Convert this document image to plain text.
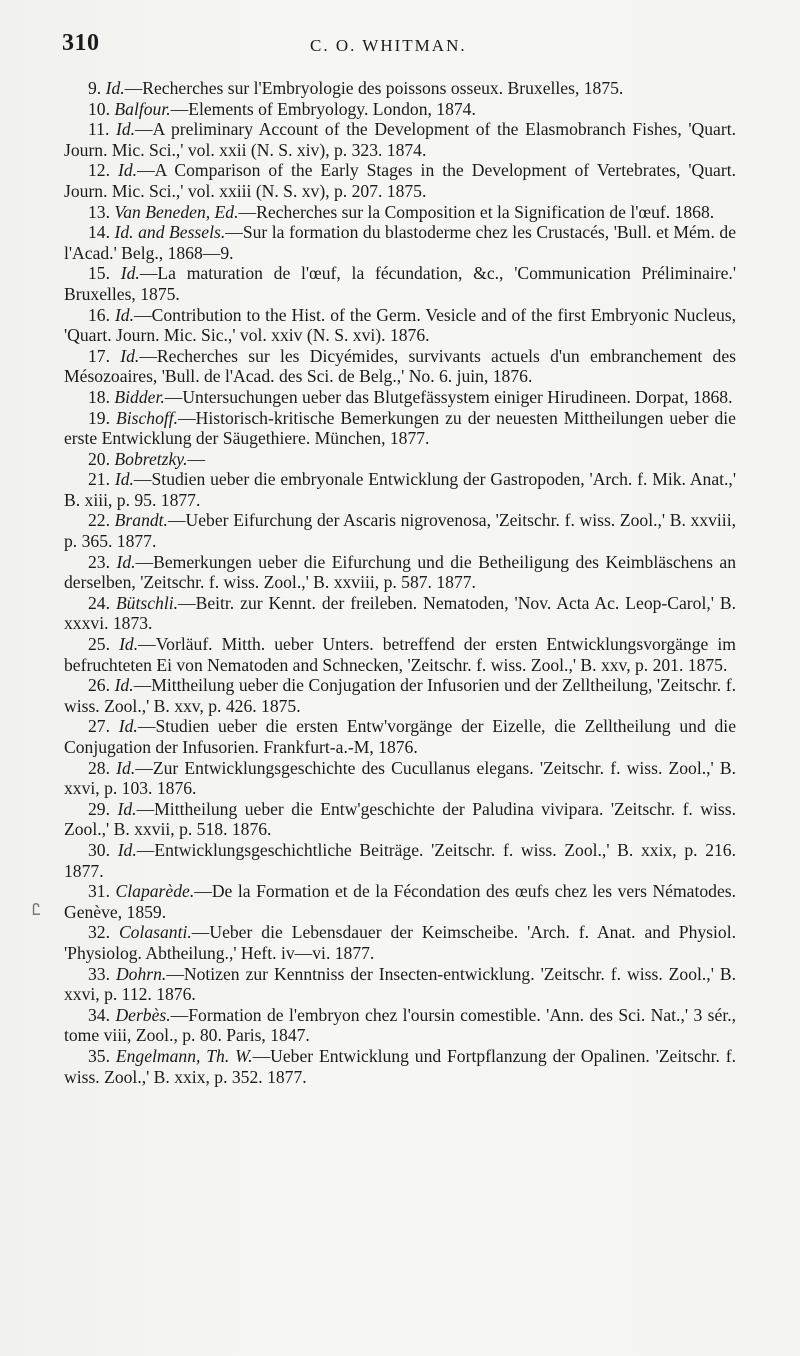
310	C. O. WHITMAN.
Ꮭ

9. Id.—Recherches sur l'Embryologie des poissons osseux. Bruxelles, 1875.

10. Balfour.—Elements of Embryology. London, 1874.

11. Id.—A preliminary Account of the Development of the Elasmobranch Fishes, 'Quart. Journ. Mic. Sci.,' vol. xxii (N. S. xiv), p. 323. 1874.

12. Id.—A Comparison of the Early Stages in the Development of Vertebrates, 'Quart. Journ. Mic. Sci.,' vol. xxiii (N. S. xv), p. 207. 1875.

13. Van Beneden, Ed.—Recherches sur la Composition et la Signification de l'œuf. 1868.

14. Id. and Bessels.—Sur la formation du blastoderme chez les Crustacés, 'Bull. et Mém. de l'Acad.' Belg., 1868—9.

15. Id.—La maturation de l'œuf, la fécundation, &c., 'Communication Préliminaire.' Bruxelles, 1875.

16. Id.—Contribution to the Hist. of the Germ. Vesicle and of the first Embryonic Nucleus, 'Quart. Journ. Mic. Sic.,' vol. xxiv (N. S. xvi). 1876.

17. Id.—Recherches sur les Dicyémides, survivants actuels d'un embranchement des Mésozoaires, 'Bull. de l'Acad. des Sci. de Belg.,' No. 6. juin, 1876.

18. Bidder.—Untersuchungen ueber das Blutgefässystem einiger Hirudineen. Dorpat, 1868.

19. Bischoff.—Historisch-kritische Bemerkungen zu der neuesten Mittheilungen ueber die erste Entwicklung der Säugethiere. München, 1877.

20. Bobretzky.—

21. Id.—Studien ueber die embryonale Entwicklung der Gastropoden, 'Arch. f. Mik. Anat.,' B. xiii, p. 95. 1877.

22. Brandt.—Ueber Eifurchung der Ascaris nigrovenosa, 'Zeitschr. f. wiss. Zool.,' B. xxviii, p. 365. 1877.

23. Id.—Bemerkungen ueber die Eifurchung und die Betheiligung des Keimbläschens an derselben, 'Zeitschr. f. wiss. Zool.,' B. xxviii, p. 587. 1877.

24. Bütschli.—Beitr. zur Kennt. der freileben. Nematoden, 'Nov. Acta Ac. Leop-Carol,' B. xxxvi. 1873.

25. Id.—Vorläuf. Mitth. ueber Unters. betreffend der ersten Entwicklungsvorgänge im befruchteten Ei von Nematoden and Schnecken, 'Zeitschr. f. wiss. Zool.,' B. xxv, p. 201. 1875.

26. Id.—Mittheilung ueber die Conjugation der Infusorien und der Zelltheilung, 'Zeitschr. f. wiss. Zool.,' B. xxv, p. 426. 1875.

27. Id.—Studien ueber die ersten Entw'vorgänge der Eizelle, die Zelltheilung und die Conjugation der Infusorien. Frankfurt-a.-M, 1876.

28. Id.—Zur Entwicklungsgeschichte des Cucullanus elegans. 'Zeitschr. f. wiss. Zool.,' B. xxvi, p. 103. 1876.

29. Id.—Mittheilung ueber die Entw'geschichte der Paludina vivipara. 'Zeitschr. f. wiss. Zool.,' B. xxvii, p. 518. 1876.

30. Id.—Entwicklungsgeschichtliche Beiträge. 'Zeitschr. f. wiss. Zool.,' B. xxix, p. 216. 1877.

31. Claparède.—De la Formation et de la Fécondation des œufs chez les vers Nématodes. Genève, 1859.

32. Colasanti.—Ueber die Lebensdauer der Keimscheibe. 'Arch. f. Anat. and Physiol. 'Physiolog. Abtheilung.,' Heft. iv—vi. 1877.

33. Dohrn.—Notizen zur Kenntniss der Insecten-entwicklung. 'Zeitschr. f. wiss. Zool.,' B. xxvi, p. 112. 1876.

34. Derbès.—Formation de l'embryon chez l'oursin comestible. 'Ann. des Sci. Nat.,' 3 sér., tome viii, Zool., p. 80. Paris, 1847.

35. Engelmann, Th. W.—Ueber Entwicklung und Fortpflanzung der Opalinen. 'Zeitschr. f. wiss. Zool.,' B. xxix, p. 352. 1877.
